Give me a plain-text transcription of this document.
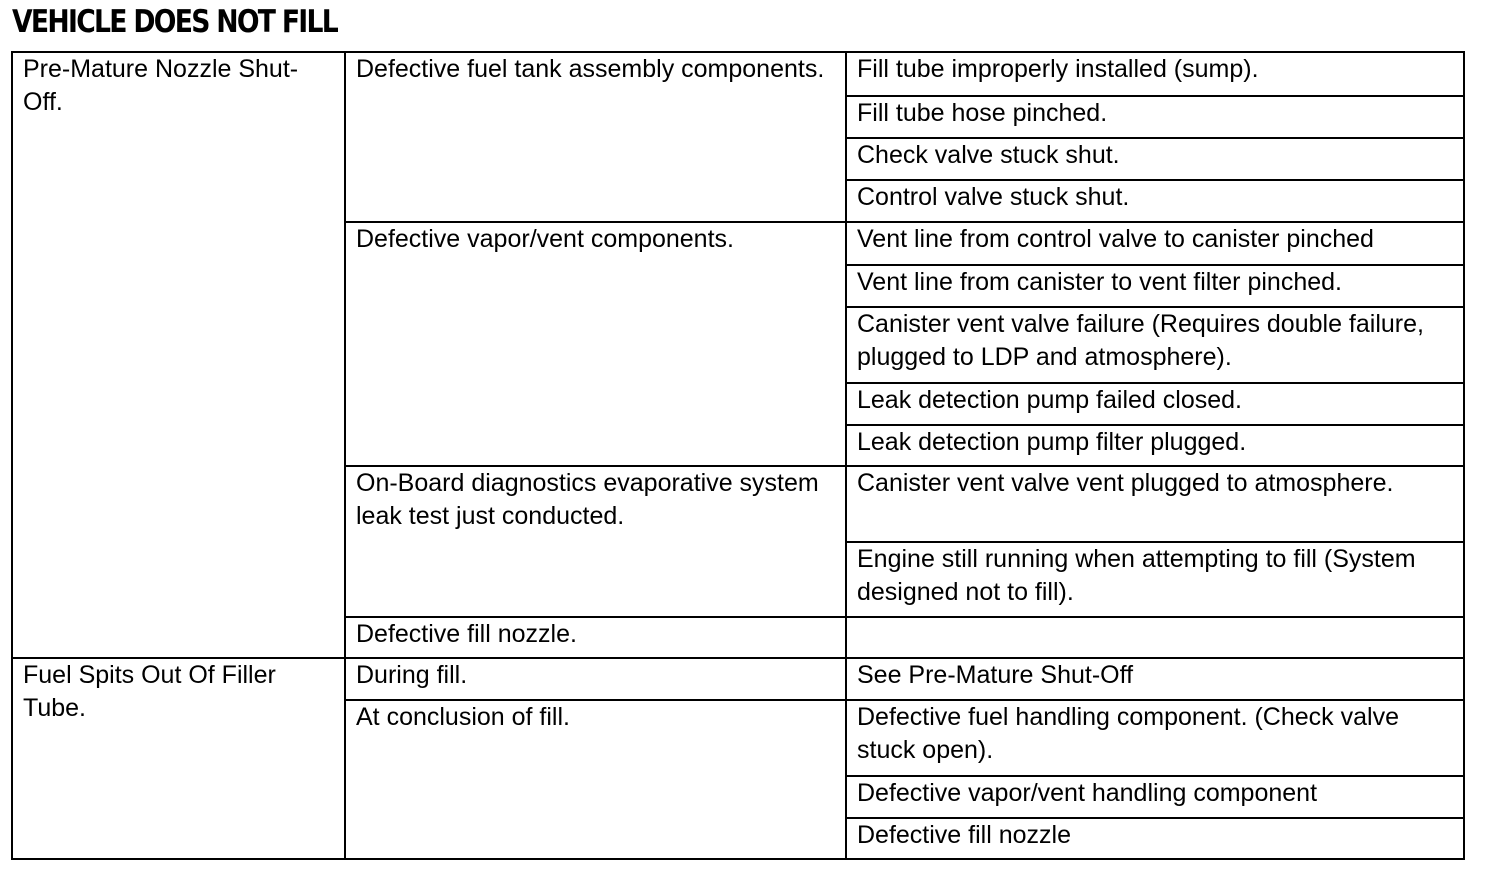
VEHICLE DOES NOT FILL
Pre-Mature Nozzle Shut-Off.	Defective fuel tank assembly components.	Fill tube improperly installed (sump).
		Fill tube hose pinched.
		Check valve stuck shut.
		Control valve stuck shut.
	Defective vapor/vent components.	Vent line from control valve to canister pinched
		Vent line from canister to vent filter pinched.
		Canister vent valve failure (Requires double failure, plugged to LDP and atmosphere).
		Leak detection pump failed closed.
		Leak detection pump filter plugged.
	On-Board diagnostics evaporative system leak test just conducted.	Canister vent valve vent plugged to atmosphere.
		Engine still running when attempting to fill (System designed not to fill).
	Defective fill nozzle.	
Fuel Spits Out Of Filler Tube.	During fill.	See Pre-Mature Shut-Off
	At conclusion of fill.	Defective fuel handling component. (Check valve stuck open).
		Defective vapor/vent handling component
		Defective fill nozzle
